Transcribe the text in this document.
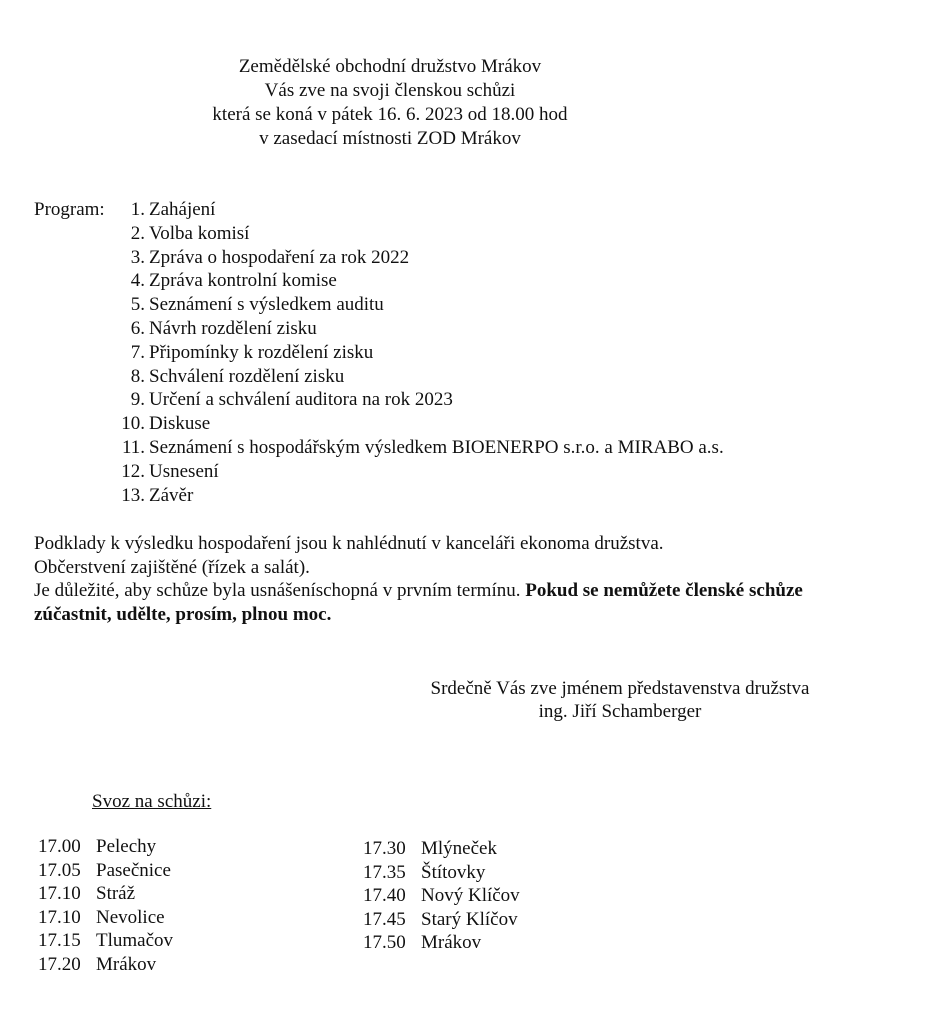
Zemědělské obchodní družstvo Mrákov
Vás zve na svoji členskou schůzi
která se koná v pátek 16. 6. 2023 od 18.00 hod
v zasedací místnosti ZOD Mrákov
Program:	1. Zahájení
2. Volba komisí
3. Zpráva o hospodaření za rok 2022
4. Zpráva kontrolní komise
5. Seznámení s výsledkem auditu
6. Návrh rozdělení zisku
7. Připomínky k rozdělení zisku
8. Schválení rozdělení zisku
9. Určení a schválení auditora na rok 2023
10. Diskuse
11. Seznámení s hospodářským výsledkem BIOENERPO s.r.o. a MIRABO a.s.
12. Usnesení
13. Závěr
Podklady k výsledku hospodaření jsou k nahlédnutí v kanceláři ekonoma družstva.
Občerstvení zajištěné (řízek a salát).
Je důležité, aby schůze byla usnášeníschopná v prvním termínu. Pokud se nemůžete členské schůze
zúčastnit, udělte, prosím, plnou moc.
Srdečně Vás zve jménem představenstva družstva
ing. Jiří Schamberger
Svoz na schůzi:
17.00 Pelechy
17.05 Pasečnice
17.10 Stráž
17.10 Nevolice
17.15 Tlumačov
17.20 Mrákov
17.30 Mlýneček
17.35 Štítovky
17.40 Nový Klíčov
17.45 Starý Klíčov
17.50 Mrákov
